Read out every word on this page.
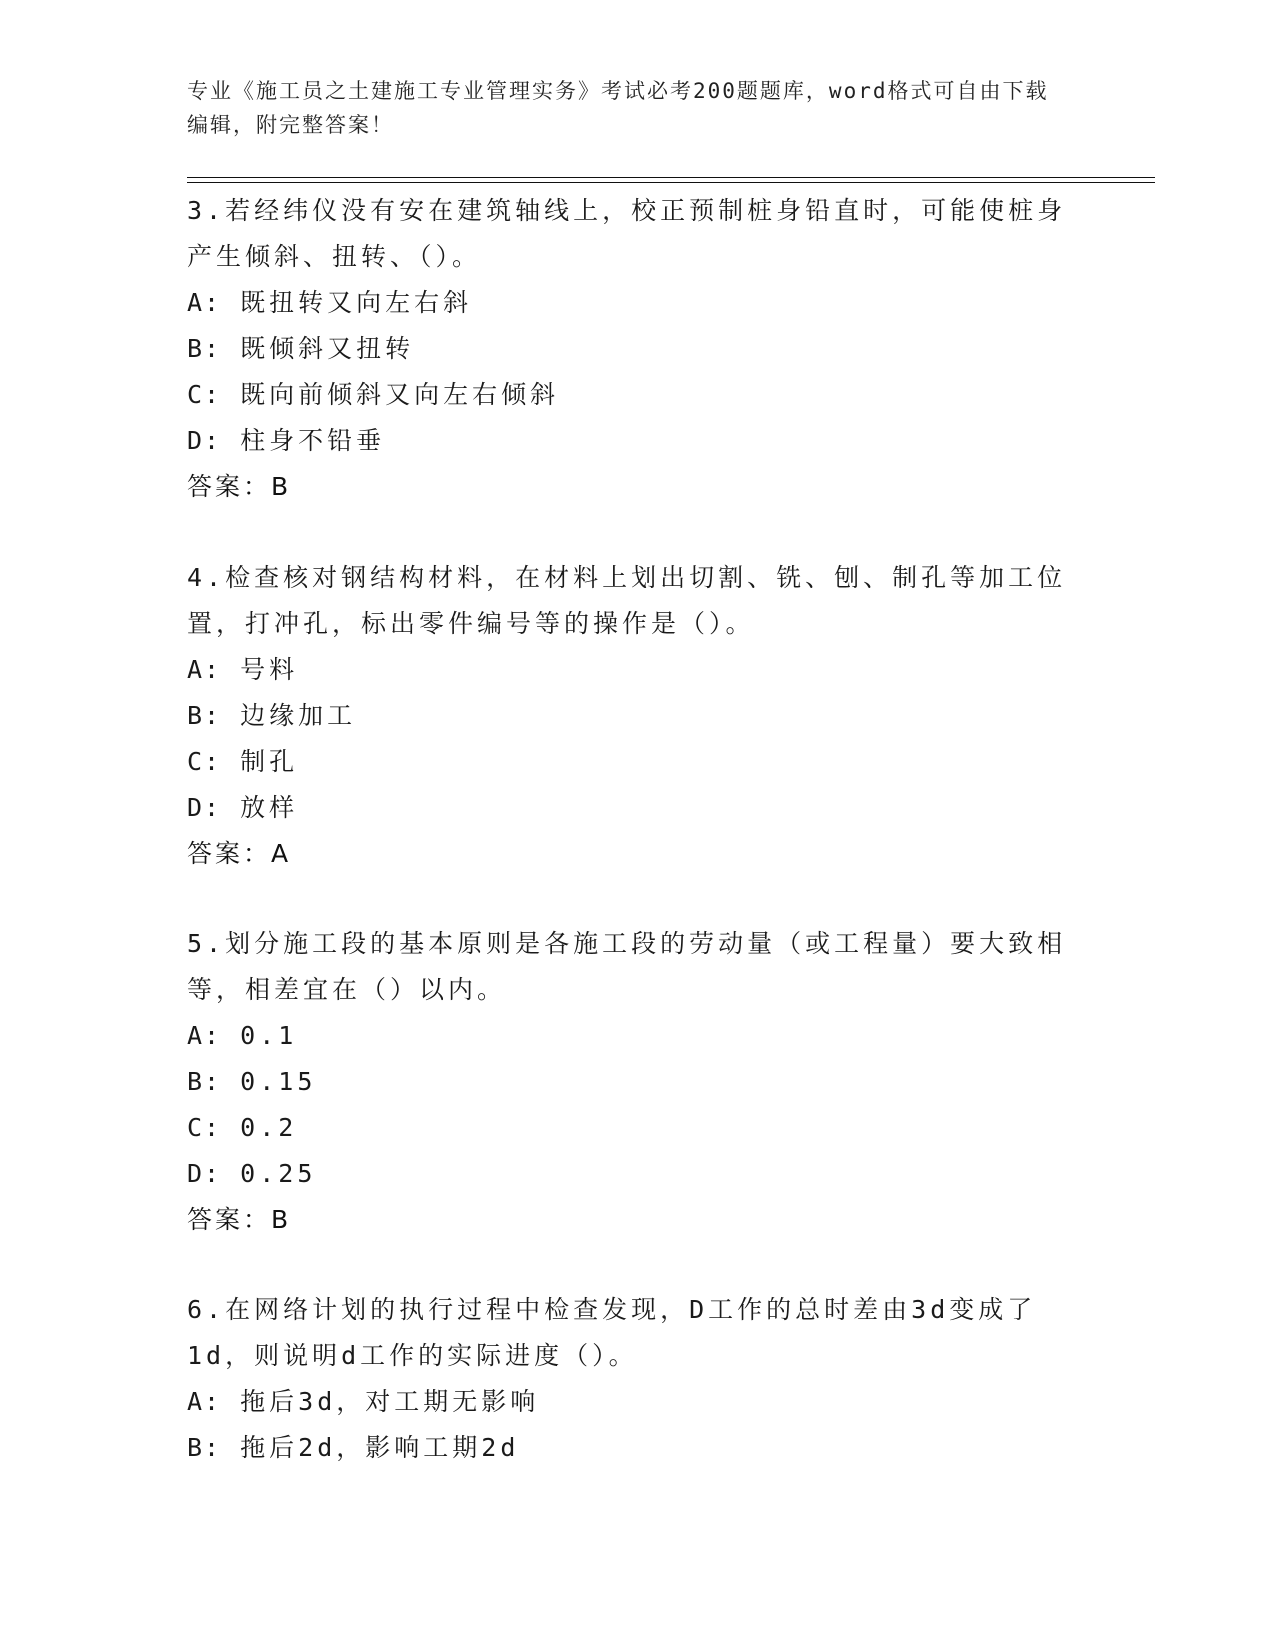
专业《施工员之土建施工专业管理实务》考试必考200题题库，word格式可自由下载编辑，附完整答案！
3.若经纬仪没有安在建筑轴线上，校正预制桩身铅直时，可能使桩身产生倾斜、扭转、（）。
A: 既扭转又向左右斜
B: 既倾斜又扭转
C: 既向前倾斜又向左右倾斜
D: 柱身不铅垂
答案：B
4.检查核对钢结构材料，在材料上划出切割、铣、刨、制孔等加工位置，打冲孔，标出零件编号等的操作是（）。
A: 号料
B: 边缘加工
C: 制孔
D: 放样
答案：A
5.划分施工段的基本原则是各施工段的劳动量（或工程量）要大致相等，相差宜在（）以内。
A: 0.1
B: 0.15
C: 0.2
D: 0.25
答案：B
6.在网络计划的执行过程中检查发现，D工作的总时差由3d变成了1d，则说明d工作的实际进度（）。
A: 拖后3d，对工期无影响
B: 拖后2d，影响工期2d
